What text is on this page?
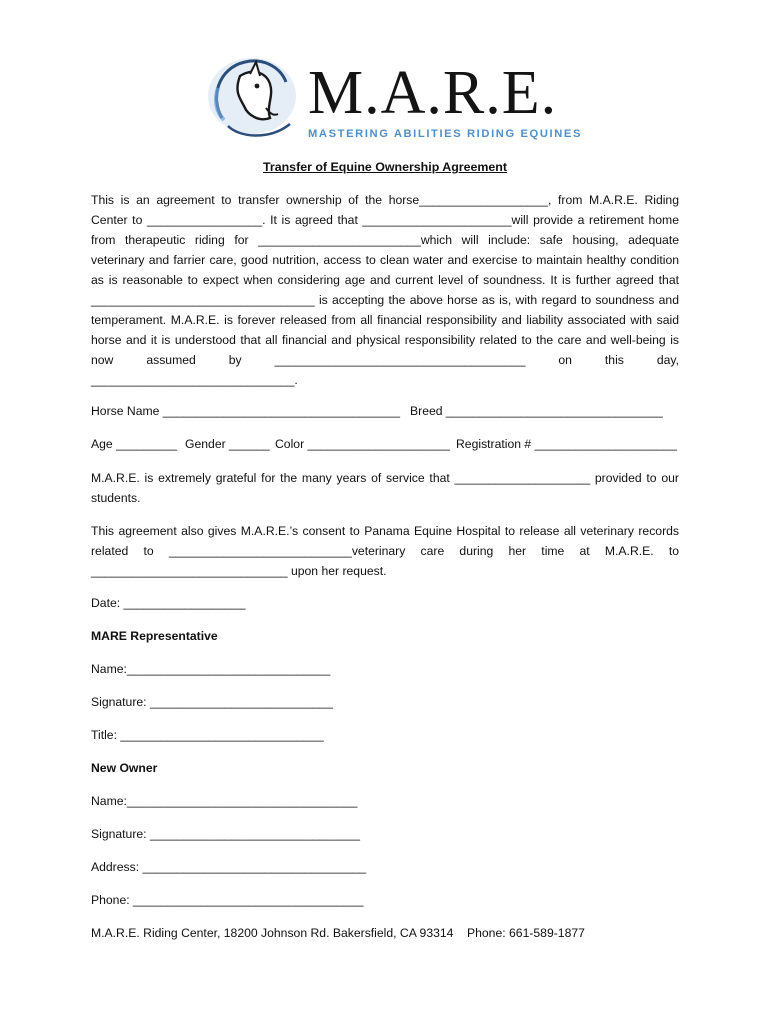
M.A.R.E.
MASTERING ABILITIES RIDING EQUINES
Transfer of Equine Ownership Agreement

This is an agreement to transfer ownership of the horse___________________, from M.A.R.E. Riding Center to _________________. It is agreed that ______________________will provide a retirement home from therapeutic riding for ________________________which will include: safe housing, adequate veterinary and farrier care, good nutrition, access to clean water and exercise to maintain healthy condition as is reasonable to expect when considering age and current level of soundness. It is further agreed that _________________________________ is accepting the above horse as is, with regard to soundness and temperament. M.A.R.E. is forever released from all financial responsibility and liability associated with said horse and it is understood that all financial and physical responsibility related to the care and well-being is now assumed by _____________________________________ on this day, ______________________________.

Horse Name ___________________________________ Breed ________________________________
Age _________ Gender ______ Color _____________________ Registration # _____________________

M.A.R.E. is extremely grateful for the many years of service that ____________________ provided to our students.

This agreement also gives M.A.R.E.’s consent to Panama Equine Hospital to release all veterinary records related to ___________________________veterinary care during her time at M.A.R.E. to _____________________________ upon her request.

Date: __________________
MARE Representative
Name:______________________________
Signature: ___________________________
Title: ______________________________
New Owner
Name:__________________________________
Signature: _______________________________
Address: _________________________________
Phone: __________________________________
M.A.R.E. Riding Center, 18200 Johnson Rd. Bakersfield, CA 93314 Phone: 661-589-1877
